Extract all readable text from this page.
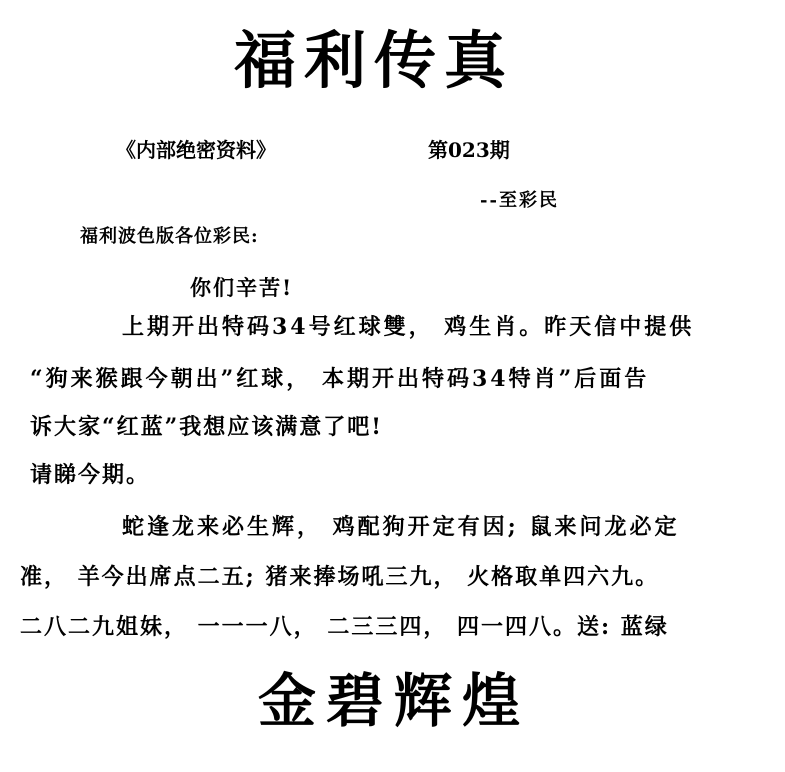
福利传真
《内部绝密资料》	第023期
--至彩民
福利波色版各位彩民:
你们辛苦!
上期开出特码34号红球雙， 鸡生肖。昨天信中提供
“狗来猴跟今朝出”红球， 本期开出特码34特肖”后面告
诉大家“红蓝”我想应该满意了吧!
请睇今期。
蛇逢龙来必生辉， 鸡配狗开定有因; 鼠来问龙必定
准， 羊今出席点二五; 猪来捧场吼三九， 火格取单四六九。
二八二九姐妹， 一一一八， 二三三四， 四一四八。送: 蓝绿
金碧辉煌
